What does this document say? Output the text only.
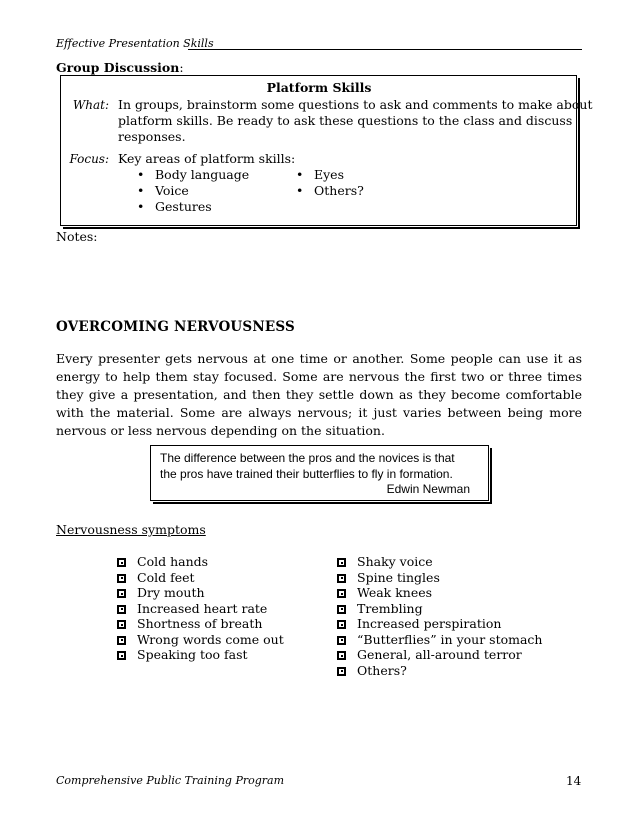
Effective Presentation Skills
Group Discussion:
Platform Skills
What: In groups, brainstorm some questions to ask and comments to make about
platform skills. Be ready to ask these questions to the class and discuss
responses.
Focus: Key areas of platform skills:
• Body language
• Voice
• Gestures
• Eyes
• Others?
Notes:
OVERCOMING NERVOUSNESS
Every presenter gets nervous at one time or another. Some people can use it as energy to help them stay focused. Some are nervous the first two or three times they give a presentation, and then they settle down as they become comfortable with the material. Some are always nervous; it just varies between being more nervous or less nervous depending on the situation.
The difference between the pros and the novices is that
the pros have trained their butterflies to fly in formation.
Edwin Newman
Nervousness symptoms
Cold hands
Cold feet
Dry mouth
Increased heart rate
Shortness of breath
Wrong words come out
Speaking too fast
Shaky voice
Spine tingles
Weak knees
Trembling
Increased perspiration
“Butterflies” in your stomach
General, all-around terror
Others?
Comprehensive Public Training Program	14
